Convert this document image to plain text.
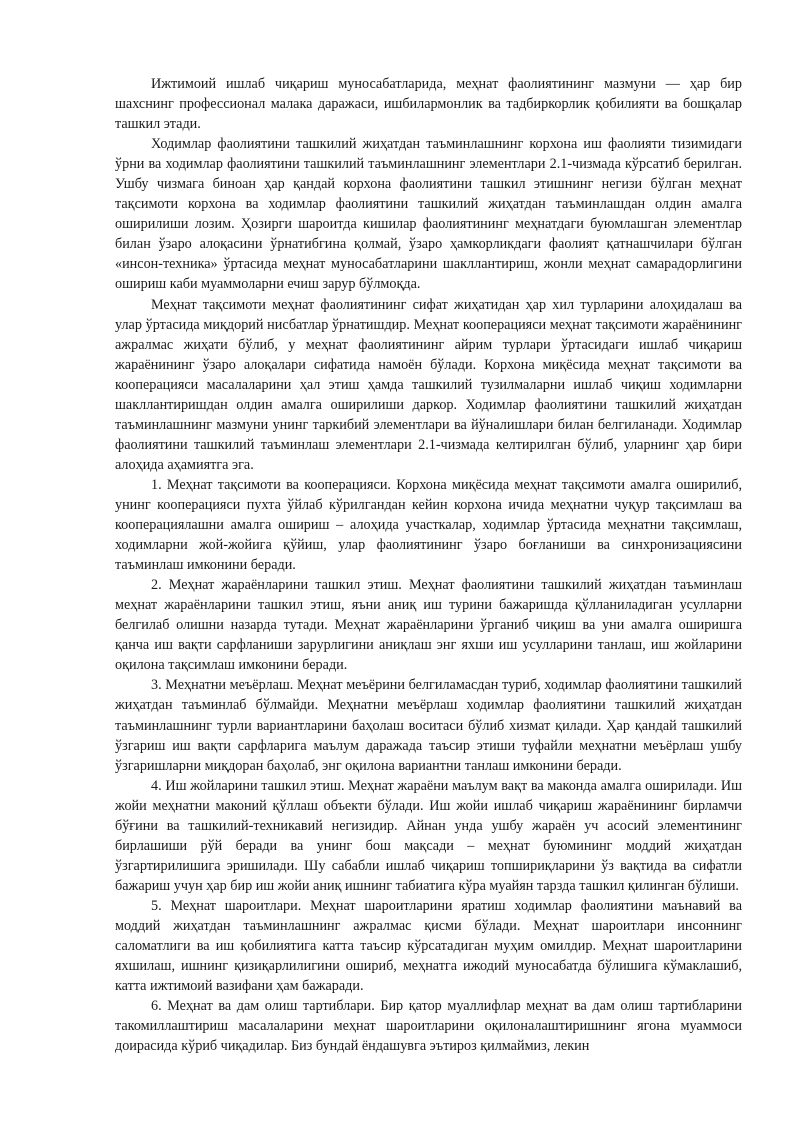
Ижтимоий ишлаб чиқариш муносабатларида, меҳнат фаолиятининг мазмуни — ҳар бир шахснинг профессионал малака даражаси, ишбилармонлик ва тадбиркорлик қобилияти ва бошқалар ташкил этади.

Ходимлар фаолиятини ташкилий жиҳатдан таъминлашнинг корхона иш фаолияти тизимидаги ўрни ва ходимлар фаолиятини ташкилий таъминлашнинг элементлари 2.1-чизмада кўрсатиб берилган. Ушбу чизмага биноан ҳар қандай корхона фаолиятини ташкил этишнинг негизи бўлган меҳнат тақсимоти корхона ва ходимлар фаолиятини ташкилий жиҳатдан таъминлашдан олдин амалга оширилиши лозим. Ҳозирги шароитда кишилар фаолиятининг меҳнатдаги буюмлашган элементлар билан ўзаро алоқасини ўрнатибгина қолмай, ўзаро ҳамкорликдаги фаолият қатнашчилари бўлган «инсон-техника» ўртасида меҳнат муносабатларини шакллантириш, жонли меҳнат самарадорлигини ошириш каби муаммоларни ечиш зарур бўлмоқда.

Меҳнат тақсимоти меҳнат фаолиятининг сифат жиҳатидан ҳар хил турларини алоҳидалаш ва улар ўртасида миқдорий нисбатлар ўрнатишдир. Меҳнат кооперацияси меҳнат тақсимоти жараёнининг ажралмас жиҳати бўлиб, у меҳнат фаолиятининг айрим турлари ўртасидаги ишлаб чиқариш жараёнининг ўзаро алоқалари сифатида намоён бўлади. Корхона миқёсида меҳнат тақсимоти ва кооперацияси масалаларини ҳал этиш ҳамда ташкилий тузилмаларни ишлаб чиқиш ходимларни шакллантиришдан олдин амалга оширилиши даркор. Ходимлар фаолиятини ташкилий жиҳатдан таъминлашнинг мазмуни унинг таркибий элементлари ва йўналишлари билан белгиланади. Ходимлар фаолиятини ташкилий таъминлаш элементлари 2.1-чизмада келтирилган бўлиб, уларнинг ҳар бири алоҳида аҳамиятга эга.

1. Меҳнат тақсимоти ва кооперацияси. Корхона миқёсида меҳнат тақсимоти амалга оширилиб, унинг кооперацияси пухта ўйлаб кўрилгандан кейин корхона ичида меҳнатни чуқур тақсимлаш ва кооперациялашни амалга ошириш – алоҳида участкалар, ходимлар ўртасида меҳнатни тақсимлаш, ходимларни жой-жойига қўйиш, улар фаолиятининг ўзаро боғланиши ва синхронизациясини таъминлаш имконини беради.

2. Меҳнат жараёнларини ташкил этиш. Меҳнат фаолиятини ташкилий жиҳатдан таъминлаш меҳнат жараёнларини ташкил этиш, яъни аниқ иш турини бажаришда қўлланиладиган усулларни белгилаб олишни назарда тутади. Меҳнат жараёнларини ўрганиб чиқиш ва уни амалга оширишга қанча иш вақти сарфланиши зарурлигини аниқлаш энг яхши иш усулларини танлаш, иш жойларини оқилона тақсимлаш имконини беради.

3. Меҳнатни меъёрлаш. Меҳнат меъёрини белгиламасдан туриб, ходимлар фаолиятини ташкилий жиҳатдан таъминлаб бўлмайди. Меҳнатни меъёрлаш ходимлар фаолиятини ташкилий жиҳатдан таъминлашнинг турли вариантларини баҳолаш воситаси бўлиб хизмат қилади. Ҳар қандай ташкилий ўзгариш иш вақти сарфларига маълум даражада таъсир этиши туфайли меҳнатни меъёрлаш ушбу ўзгаришларни миқдоран баҳолаб, энг оқилона вариантни танлаш имконини беради.

4. Иш жойларини ташкил этиш. Меҳнат жараёни маълум вақт ва маконда амалга оширилади. Иш жойи меҳнатни маконий қўллаш объекти бўлади. Иш жойи ишлаб чиқариш жараёнининг бирламчи бўғини ва ташкилий-техникавий негизидир. Айнан унда ушбу жараён уч асосий элементининг бирлашиши рўй беради ва унинг бош мақсади – меҳнат буюмининг моддий жиҳатдан ўзгартирилишига эришилади. Шу сабабли ишлаб чиқариш топшириқларини ўз вақтида ва сифатли бажариш учун ҳар бир иш жойи аниқ ишнинг табиатига кўра муайян тарзда ташкил қилинган бўлиши.

5. Меҳнат шароитлари. Меҳнат шароитларини яратиш ходимлар фаолиятини маънавий ва моддий жиҳатдан таъминлашнинг ажралмас қисми бўлади. Меҳнат шароитлари инсоннинг саломатлиги ва иш қобилиятига катта таъсир кўрсатадиган муҳим омилдир. Меҳнат шароитларини яхшилаш, ишнинг қизиқарлилигини ошириб, меҳнатга ижодий муносабатда бўлишига кўмаклашиб, катта ижтимоий вазифани ҳам бажаради.

6. Меҳнат ва дам олиш тартиблари. Бир қатор муаллифлар меҳнат ва дам олиш тартибларини такомиллаштириш масалаларини меҳнат шароитларини оқилоналаштиришнинг ягона муаммоси доирасида кўриб чиқадилар. Биз бундай ёндашувга эътироз қилмаймиз, лекин
